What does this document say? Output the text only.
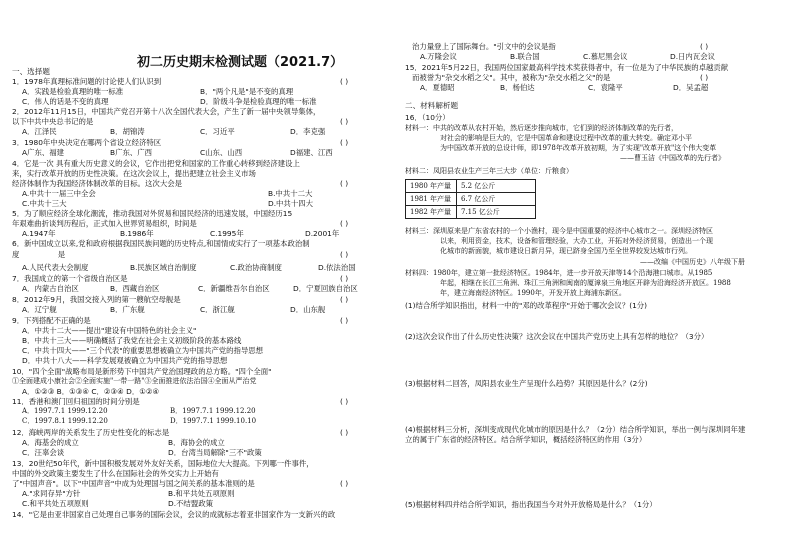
初二历史期末检测试题（2021.7）
一、选择题
1．1978年真理标准问题的讨论使人们认识到	( )
A．实践是检验真理的唯一标准	B．"两个凡是"是不变的真理
C．伟人的话是不变的真理	D．阶级斗争是检验真理的唯一标准
2．2012年11月15日，中国共产党召开第十八次全国代表大会，产生了新一届中央领导集体，
以下中共中央总书记的是	( )
A．江泽民	B．胡锦涛	C．习近平	D．李克强
3．1980年中央决定在哪两个省设立经济特区	( )
A广东、福建	B广东、广西	C山东、山西	D福建、江西
4．它是一次 具有重大历史意义的会议，它作出把党和国家的工作重心转移到经济建设上
来，实行改革开放的历史性决策。在这次会议上，提出把建立社会主义市场
经济体制作为我国经济体制改革的目标。这次大会是	( )
A.中共十一届三中全会	B.中共十二大
C.中共十三大	D.中共十四大
5．为了顺应经济全球化潮流，推动我国对外贸易和国民经济的迅速发展，中国经历15
年艰难曲折谈判历程后，正式加入世界贸易组织，时间是	( )
A.1947年	B.1986年	C.1995年	D.2001年
6．新中国成立以来,党和政府根据我国民族问题的历史特点,和国情成实行了一项基本政治制
度 是	( )
A.人民代表大会制度	B.民族区域自治制度	C.政治协商制度	D.依法治国
7．我国成立的第一个省级自治区是	( )
A．内蒙古自治区	B．西藏自治区	C．新疆维吾尔自治区	D．宁夏回族自治区
8．2012年9月，我国交接入列的第一艘航空母舰是	( )
A．辽宁舰	B．广东舰	C．浙江舰	D．山东舰
9．下列搭配不正确的是	( )
A．中共十二大——提出"建设有中国特色的社会主义"
B．中共十三大——明确概括了我党在社会主义初级阶段的基本路线
C．中共十四大——"三个代表"的重要思想被确立为中国共产党的指导思想
D．中共十八大——科学发展观被确立为中国共产党的指导思想
10．"四个全面"战略布局是新形势下中国共产党治国理政的总方略。"四个全面"
①全面建成小康社会②全面实施"一带一路"③全面推进依法治国④全面从严治党
A．①②③ B．①③④ C．②③④ D．①②④
11．香港和澳门回归祖国的时间分别是	( )
A．1997.7.1 1999.12.20	B．1997.7.1 1999.12.20
C．1997.8.1 1999.12.20	D．1997.7.1 1999.10.10
12．海峡两岸的关系发生了历史性变化的标志是	( )
A．海基会的成立	B．海协会的成立
C．汪辜会谈	D．台湾当局解除"三不"政策
13．20世纪50年代，新中国积极发展对外友好关系，国际地位大大提高。下列哪一件事件，
中国的外交政策主要发生了什么在国际社会的外交实力上开始有
了"中国声音"。以下"中国声音"中成为处理国与国之间关系的基本准则的是	( )
A."求同存异"方针	B.和平共处五项原则
C.和平共处五项原则	D.不结盟政策
14．"它是由亚非国家自己处理自己事务的国际会议，会议的成就标志着亚非国家作为一支新兴的政
治力量登上了国际舞台。"引文中的会议是指	( )
A.万隆会议	B.联合国	C.慕尼黑会议	D.日内瓦会议
15．2021年5月22日，我国两位国家最高科学技术奖获得者中，有一位是为了中华民族的卓越贡献
而被誉为"杂交水稻之父"。其中，被称为"杂交水稻之父"的是	( )
A．夏德昭	B．杨伯达	C．袁隆平	D．吴孟超
二、材料解析题
16．（10分）
材料一：中共的改革从农村开始，然后逐步推向城市，它们到的经济体制改革的先行者，
对社会的影响是巨大的，它是中国革命和建设过程中改革的重大转变。确定邓小平
为中国改革开放的总设计师，即1978年改革开放初期，为了实现"改革开放"这个伟大变革
——曹玉洁《中国改革的先行者》
材料二：凤阳县农业生产三年三大步（单位：斤粮食）
1980 年产量	5.2 亿公斤
1981 年产量	6.7 亿公斤
1982 年产量	7.15 亿公斤
材料三：深圳原来是广东省农村的一个小渔村，现今是中国重要的经济中心城市之一。深圳经济特区
以来，利用资金，技术，设备和管理经验，大办工业，开拓对外经济贸易，创造出一个现
化城市的新面貌，城市建设日新月异，现已跻身全国乃至全世界较发达城市行列。
——改编《中国历史》八年级下册
材料四：1980年，建立第一批经济特区。1984年，进一步开放天津等14个沿海港口城市。从1985
年起，相继在长江三角洲、珠江三角洲和闽南的厦漳泉三角地区开辟为沿海经济开放区。1988
年，建立海南经济特区。1990年，开发开放上海浦东新区。
(1)结合所学知识指出，材料一中的"邓的改革程序"开始于哪次会议？(1分)
(2)这次会议作出了什么历史性决策？这次会议在中国共产党历史上具有怎样的地位？（3分）
(3)根据材料二回答，凤阳县农业生产呈现什么趋势？其原因是什么？(2分)
(4)根据材料三分析，深圳变成现代化城市的原因是什么？（2分）结合所学知识，举出一例与深圳同年建
立的属于广东省的经济特区。结合所学知识，概括经济特区的作用（3分）
(5)根据材料四并结合所学知识，指出我国当今对外开放格局是什么？（1分）
